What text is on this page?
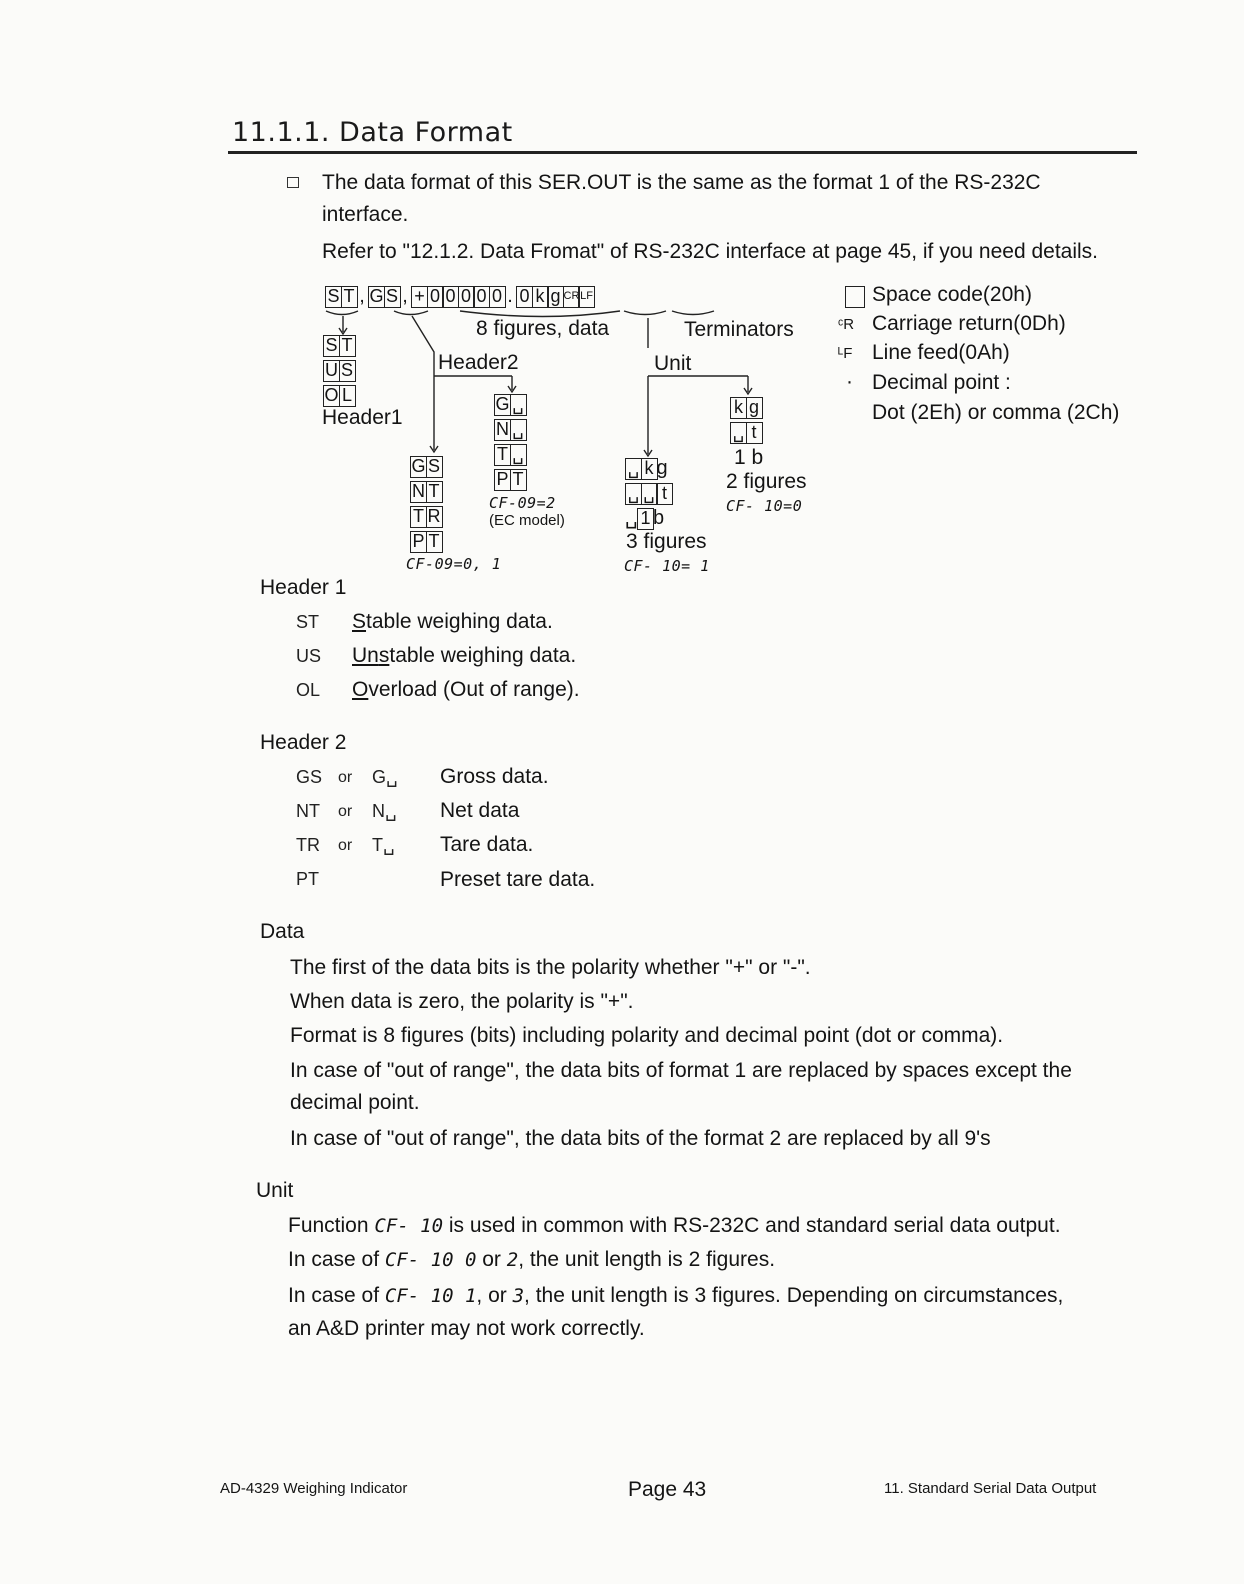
11.1.1. Data Format
The data format of this SER.OUT is the same as the format 1 of the RS-232C
interface.
Refer to "12.1.2. Data Fromat" of RS-232C interface at page 45, if you need details.
S T , G S , + 0 0 0 0 0 . 0 k g CR LF
8 figures, data	Terminators
Header2	Unit
S T
U S
O L
Header1
G ␣
N ␣
T ␣
P T
CF-09=2
(EC model)
G S
N T
T R
P T
CF-09=0, 1
␣ k g
␣ ␣ t
␣ 1 b
3 figures
CF- 10= 1
k g
␣ t
1 b
2 figures
CF- 10=0
Space code(20h)
ᶜR Carriage return(0Dh)
ᴸF Line feed(0Ah)
· Decimal point :
Dot (2Eh) or comma (2Ch)
Header 1
ST Stable weighing data.
US Unstable weighing data.
OL Overload (Out of range).
Header 2
GS or G␣ Gross data.
NT or N␣ Net data
TR or T␣ Tare data.
PT	Preset tare data.
Data
The first of the data bits is the polarity whether "+" or "-".
When data is zero, the polarity is "+".
Format is 8 figures (bits) including polarity and decimal point (dot or comma).
In case of "out of range", the data bits of format 1 are replaced by spaces except the
decimal point.
In case of "out of range", the data bits of the format 2 are replaced by all 9's
Unit
Function CF- 10 is used in common with RS-232C and standard serial data output.
In case of CF- 10 0 or 2, the unit length is 2 figures.
In case of CF- 10 1, or 3, the unit length is 3 figures. Depending on circumstances,
an A&D printer may not work correctly.
AD-4329 Weighing Indicator	Page 43	11. Standard Serial Data Output
